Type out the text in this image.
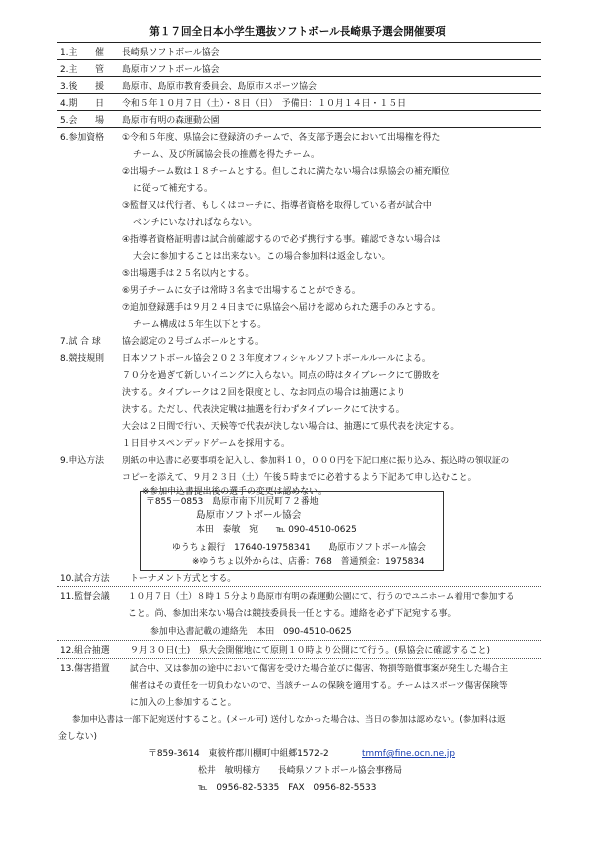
第１７回全日本小学生選抜ソフトボール長崎県予選会開催要項
1.主　　催 長崎県ソフトボール協会
2.主　　管 島原市ソフトボール協会
3.後　　援 島原市、島原市教育委員会、島原市スポーツ協会
4.期　　日 令和５年１０月７日（土）・８日（日）　予備日：１０月１４日・１５日
5.会　　場 島原市有明の森運動公園
6.参加資格 ①令和５年度、県協会に登録済のチームで、各支部予選会において出場権を得た
チーム、及び所属協会長の推薦を得たチーム。
②出場チーム数は１８チームとする。但しこれに満たない場合は県協会の補充順位
に従って補充する。
③監督又は代行者、もしくはコーチに、指導者資格を取得している者が試合中
ベンチにいなければならない。
④指導者資格証明書は試合前確認するので必ず携行する事。確認できない場合は
大会に参加することは出来ない。この場合参加料は返金しない。
⑤出場選手は２５名以内とする。
⑥男子チームに女子は常時３名まで出場することができる。
⑦追加登録選手は９月２４日までに県協会へ届けを認められた選手のみとする。
チーム構成は５年生以下とする。
7.試 合 球 協会認定の２号ゴムボールとする。
8.競技規則 日本ソフトボール協会２０２３年度オフィシャルソフトボールルールによる。
７０分を過ぎて新しいイニングに入らない。同点の時はタイブレークにて勝敗を
決する。タイブレークは２回を限度とし、なお同点の場合は抽選により
決する。ただし、代表決定戦は抽選を行わずタイブレークにて決する。
大会は２日間で行い、天候等で代表が決しない場合は、抽選にて県代表を決定する。
１日目サスペンデッドゲームを採用する。
9.申込方法 別紙の申込書に必要事項を記入し、参加料１０，０００円を下記口座に振り込み、振込時の領収証の
コピーを添えて、９月２３日（土）午後５時までに必着するよう下記あて申し込むこと。
※参加申込書提出後の選手の変更は認めない。
〒855－0853　島原市南下川尻町７２番地
島原市ソフトボール協会
本田　泰敏　宛　　℡ 090-4510-0625
ゆうちょ銀行　17640-19758341　　島原市ソフトボール協会
※ゆうちょ以外からは、店番：768　普通預金：1975834
10.試合方法 トーナメント方式とする。
11.監督会議 １０月７日（土）８時１５分より島原市有明の森運動公園にて、行うのでユニホーム着用で参加する
こと。尚、参加出来ない場合は競技委員長一任とする。連絡を必ず下記宛する事。
参加申込書記載の連絡先　本田　090-4510-0625
12.組合抽選 ９月３０日(土)　県大会開催地にて原則１０時より公開にて行う。(県協会に確認すること)
13.傷害措置 試合中、又は参加の途中において傷害を受けた場合並びに傷害、物損等賠償事案が発生した場合主
催者はその責任を一切負わないので、当該チームの保険を適用する。チームはスポーツ傷害保険等
に加入の上参加すること。
参加申込書は一部下記宛送付すること。(メール可) 送付しなかった場合は、当日の参加は認めない。(参加料は返
金しない)
〒859-3614　東彼杵郡川棚町中組郷1572-2	tmmf@fine.ocn.ne.jp
松井　敏明様方　　長崎県ソフトボール協会事務局
℡　0956-82-5335　FAX　0956-82-5533
